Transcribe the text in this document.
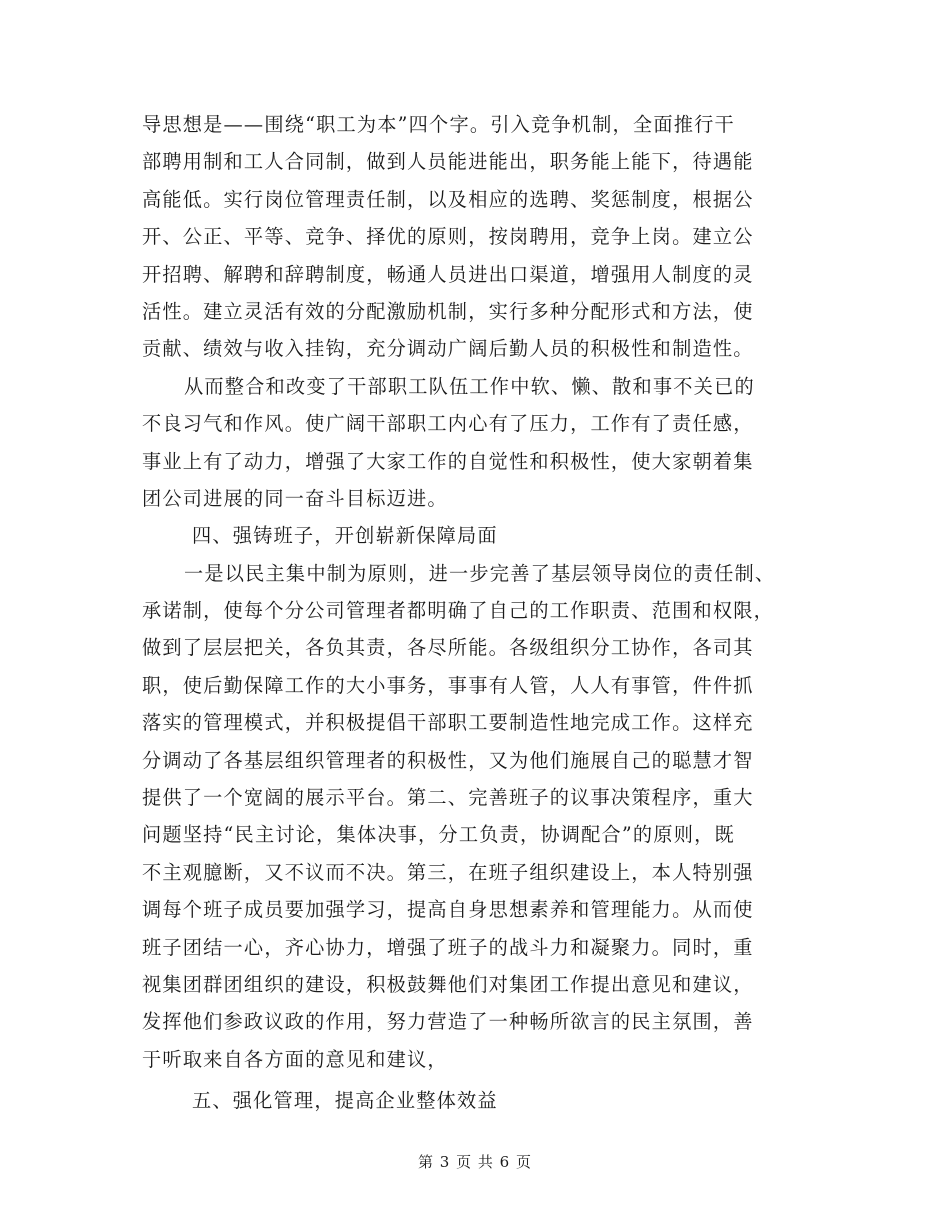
导思想是——围绕“职工为本”四个字。引入竞争机制，全面推行干
部聘用制和工人合同制，做到人员能进能出，职务能上能下，待遇能
高能低。实行岗位管理责任制，以及相应的选聘、奖惩制度，根据公
开、公正、平等、竞争、择优的原则，按岗聘用，竞争上岗。建立公
开招聘、解聘和辞聘制度，畅通人员进出口渠道，增强用人制度的灵
活性。建立灵活有效的分配激励机制，实行多种分配形式和方法，使
贡献、绩效与收入挂钩，充分调动广阔后勤人员的积极性和制造性。
从而整合和改变了干部职工队伍工作中软、懒、散和事不关已的
不良习气和作风。使广阔干部职工内心有了压力，工作有了责任感，
事业上有了动力，增强了大家工作的自觉性和积极性，使大家朝着集
团公司进展的同一奋斗目标迈进。
四、强铸班子，开创崭新保障局面
一是以民主集中制为原则，进一步完善了基层领导岗位的责任制、
承诺制，使每个分公司管理者都明确了自己的工作职责、范围和权限，
做到了层层把关，各负其责，各尽所能。各级组织分工协作，各司其
职，使后勤保障工作的大小事务，事事有人管，人人有事管，件件抓
落实的管理模式，并积极提倡干部职工要制造性地完成工作。这样充
分调动了各基层组织管理者的积极性，又为他们施展自己的聪慧才智
提供了一个宽阔的展示平台。第二、完善班子的议事决策程序，重大
问题坚持“民主讨论，集体决事，分工负责，协调配合”的原则，既
不主观臆断，又不议而不决。第三，在班子组织建设上，本人特别强
调每个班子成员要加强学习，提高自身思想素养和管理能力。从而使
班子团结一心，齐心协力，增强了班子的战斗力和凝聚力。同时，重
视集团群团组织的建设，积极鼓舞他们对集团工作提出意见和建议，
发挥他们参政议政的作用，努力营造了一种畅所欲言的民主氛围，善
于听取来自各方面的意见和建议，
五、强化管理，提高企业整体效益
第 3 页 共 6 页
